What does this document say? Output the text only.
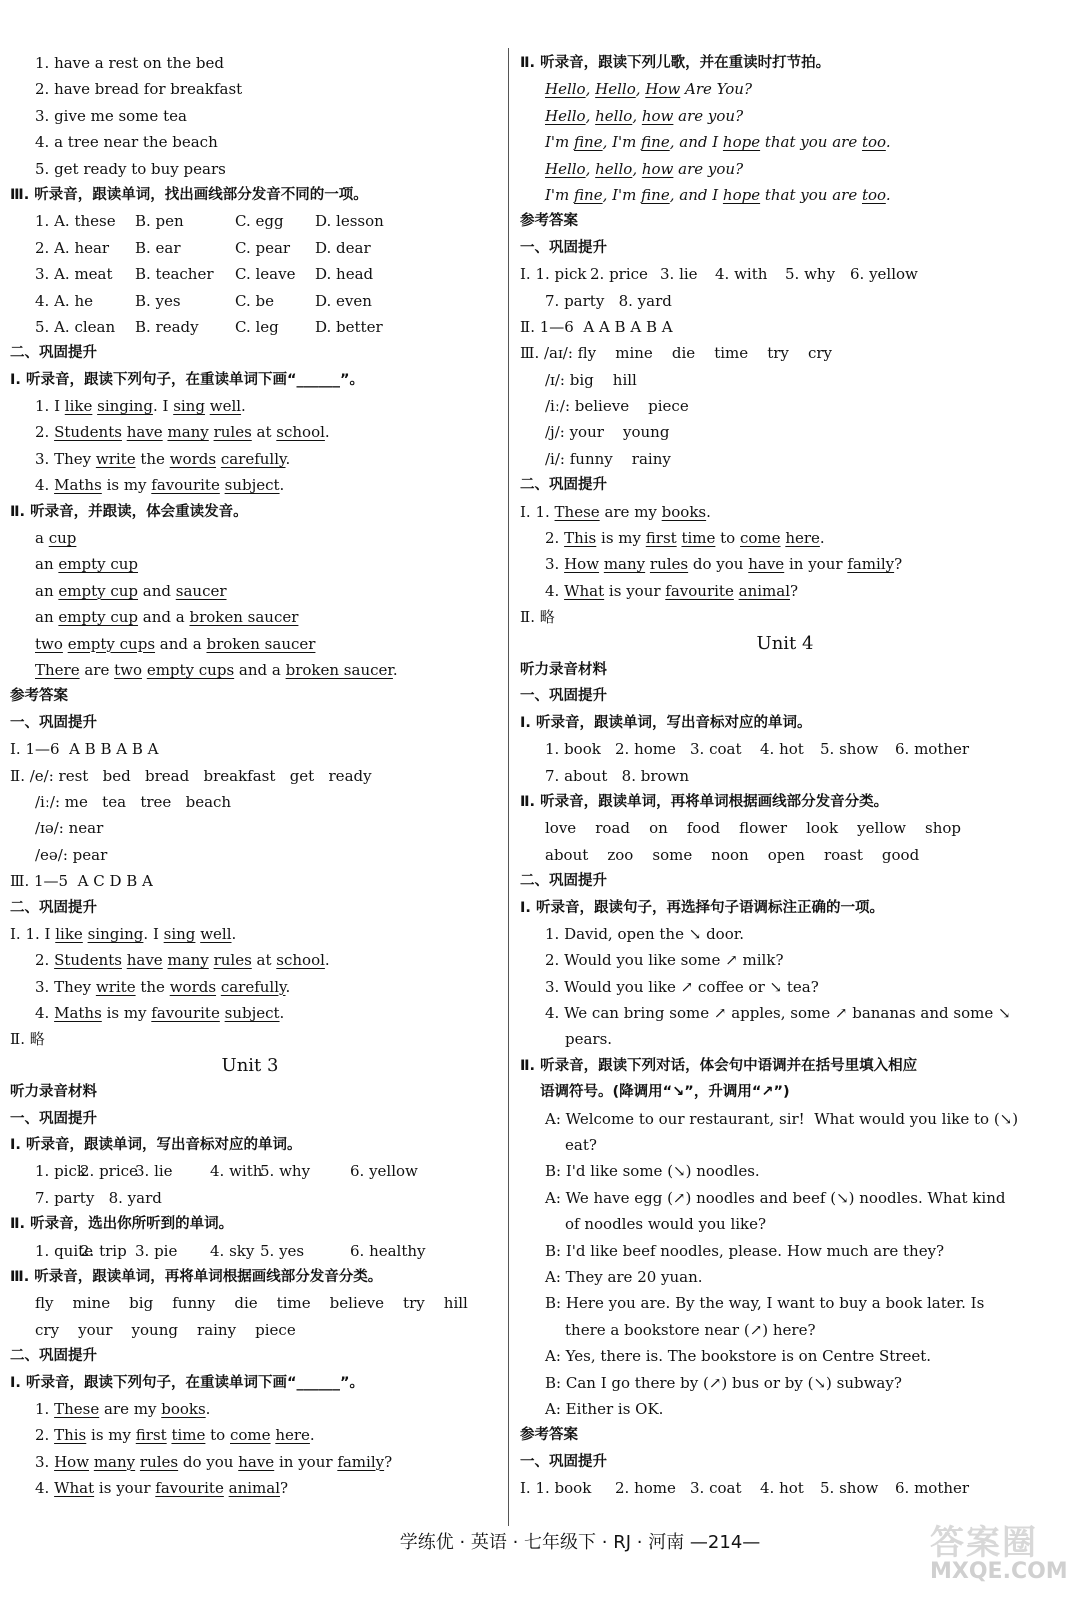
1. have a rest on the bed
2. have bread for breakfast
3. give me some tea
4. a tree near the beach
5. get ready to buy pears
Ⅲ. 听录音，跟读单词，找出画线部分发音不同的一项。
1. A. these	B. pen	C. egg	D. lesson
2. A. hear	B. ear	C. pear	D. dear
3. A. meat	B. teacher	C. leave	D. head
4. A. he	B. yes	C. be	D. even
5. A. clean	B. ready	C. leg	D. better
二、巩固提升
Ⅰ. 听录音，跟读下列句子，在重读单词下画“______”。
1. I like singing. I sing well.
2. Students have many rules at school.
3. They write the words carefully.
4. Maths is my favourite subject.
Ⅱ. 听录音，并跟读，体会重读发音。
a cup
an empty cup
an empty cup and saucer
an empty cup and a broken saucer
two empty cups and a broken saucer
There are two empty cups and a broken saucer.
参考答案
一、巩固提升
Ⅰ. 1—6  A B B A B A
Ⅱ. /e/: rest   bed   bread   breakfast   get   ready
/iː/: me   tea   tree   beach
/ɪə/: near
/eə/: pear
Ⅲ. 1—5  A C D B A
二、巩固提升
Ⅰ. 1. I like singing. I sing well.
2. Students have many rules at school.
3. They write the words carefully.
4. Maths is my favourite subject.
Ⅱ. 略
Unit 3
听力录音材料
一、巩固提升
Ⅰ. 听录音，跟读单词，写出音标对应的单词。
1. pick
2. price
3. lie	4. with
5. why	6. yellow
7. party   8. yard
Ⅱ. 听录音，选出你所听到的单词。
1. quite
2. trip 3. pie	4. sky 5. yes	6. healthy
Ⅲ. 听录音，跟读单词，再将单词根据画线部分发音分类。
fly    mine    big    funny    die    time    believe    try    hill
cry    your    young    rainy    piece
二、巩固提升
Ⅰ. 听录音，跟读下列句子，在重读单词下画“______”。
1. These are my books.
2. This is my first time to come here.
3. How many rules do you have in your family?
4. What is your favourite animal?
Ⅱ. 听录音，跟读下列儿歌，并在重读时打节拍。
Hello, Hello, How Are You?
Hello, hello, how are you?
I'm fine, I'm fine, and I hope that you are too.
Hello, hello, how are you?
I'm fine, I'm fine, and I hope that you are too.
参考答案
一、巩固提升
Ⅰ. 1. pick 2. price 3. lie	4. with	5. why 6. yellow
7. party   8. yard
Ⅱ. 1—6  A A B A B A
Ⅲ. /aɪ/: fly    mine    die    time    try    cry
/ɪ/: big    hill
/iː/: believe    piece
/j/: your    young
/i/: funny    rainy
二、巩固提升
Ⅰ. 1. These are my books.
2. This is my first time to come here.
3. How many rules do you have in your family?
4. What is your favourite animal?
Ⅱ. 略
Unit 4
听力录音材料
一、巩固提升
Ⅰ. 听录音，跟读单词，写出音标对应的单词。
1. book 2. home 3. coat	4. hot	5. show	6. mother
7. about   8. brown
Ⅱ. 听录音，跟读单词，再将单词根据画线部分发音分类。
love    road    on    food    flower    look    yellow    shop
about    zoo    some    noon    open    roast    good
二、巩固提升
Ⅰ. 听录音，跟读句子，再选择句子语调标注正确的一项。
1. David, open the ↘ door.
2. Would you like some ↗ milk?
3. Would you like ↗ coffee or ↘ tea?
4. We can bring some ↗ apples, some ↗ bananas and some ↘
pears.
Ⅱ. 听录音，跟读下列对话，体会句中语调并在括号里填入相应
语调符号。(降调用“↘”，升调用“↗”)
A: Welcome to our restaurant, sir!  What would you like to (↘)
eat?
B: I'd like some (↘) noodles.
A: We have egg (↗) noodles and beef (↘) noodles. What kind
of noodles would you like?
B: I'd like beef noodles, please. How much are they?
A: They are 20 yuan.
B: Here you are. By the way, I want to buy a book later. Is
there a bookstore near (↗) here?
A: Yes, there is. The bookstore is on Centre Street.
B: Can I go there by (↗) bus or by (↘) subway?
A: Either is OK.
参考答案
一、巩固提升
Ⅰ. 1. book	2. home 3. coat	4. hot	5. show	6. mother
学练优 · 英语 · 七年级下 · RJ · 河南 —214—	答案圈
MXQE.COM
